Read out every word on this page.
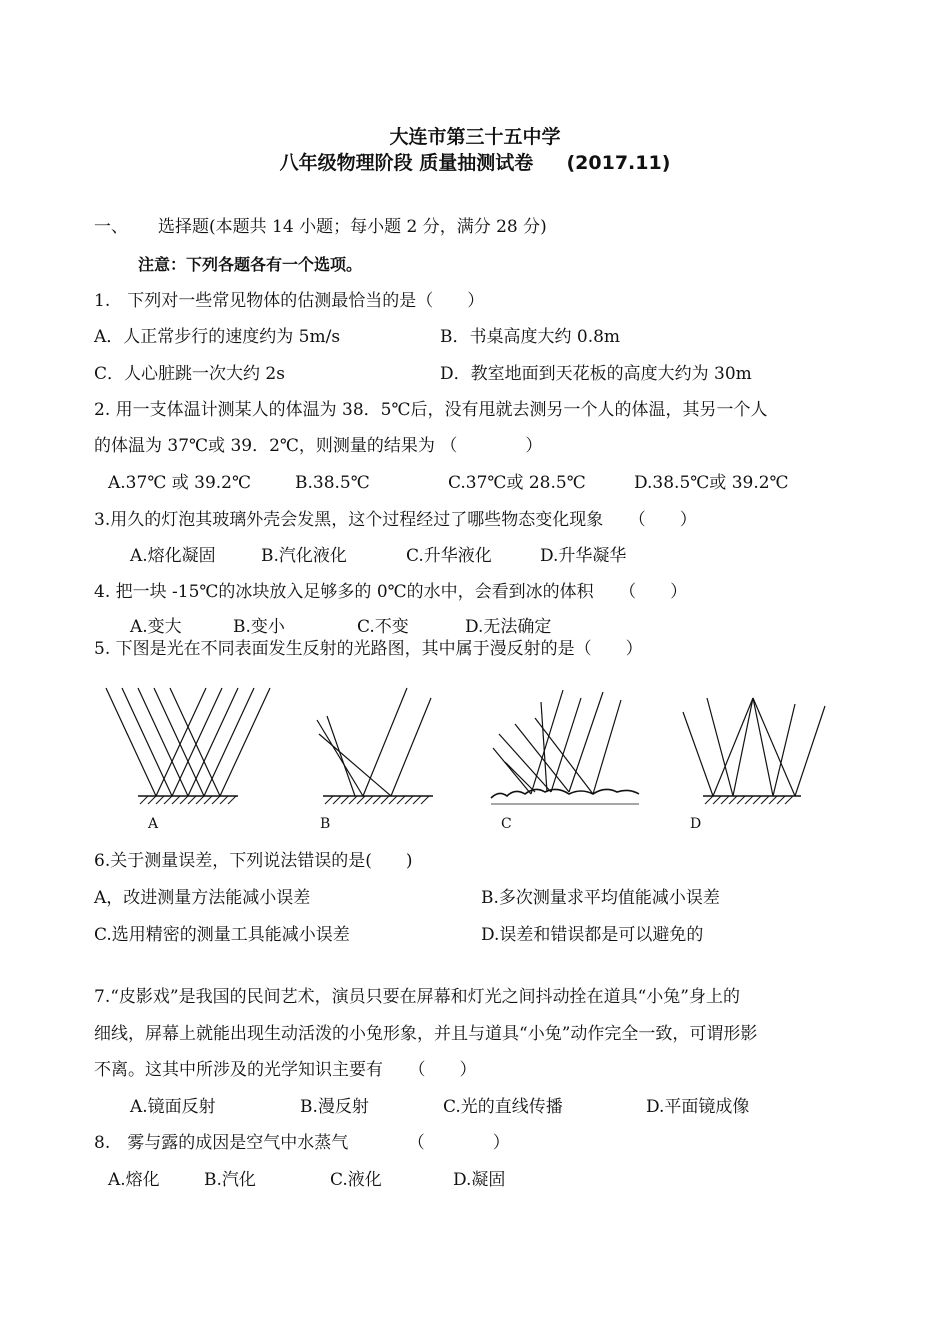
大连市第三十五中学
八年级物理阶段 质量抽测试卷 (2017.11)
一、 选择题(本题共 14 小题；每小题 2 分，满分 28 分)
注意：下列各题各有一个选项。
1.　下列对一些常见物体的估测最恰当的是（　　）
A．人正常步行的速度约为 5m/s	B．书桌高度大约 0.8m
C．人心脏跳一次大约 2s	D．教室地面到天花板的高度大约为 30m
2. 用一支体温计测某人的体温为 38．5℃后，没有甩就去测另一个人的体温，其另一个人
的体温为 37℃或 39．2℃，则测量的结果为 （　　　　）
A.37℃ 或 39.2℃	B.38.5℃	C.37℃或 28.5℃	D.38.5℃或 39.2℃
3.用久的灯泡其玻璃外壳会发黑，这个过程经过了哪些物态变化现象　　（　　）
A.熔化凝固	B.汽化液化	C.升华液化	D.升华凝华
4. 把一块 -15℃的冰块放入足够多的 0℃的水中，会看到冰的体积　　（　　）
A.变大	B.变小	C.不变	D.无法确定
5. 下图是光在不同表面发生反射的光路图，其中属于漫反射的是（　　）
A	B	C	D
6.关于测量误差，下列说法错误的是(　　)
A，改进测量方法能减小误差	B.多次测量求平均值能减小误差
C.选用精密的测量工具能减小误差	D.误差和错误都是可以避免的
7.“皮影戏”是我国的民间艺术，演员只要在屏幕和灯光之间抖动拴在道具“小兔”身上的
细线，屏幕上就能出现生动活泼的小兔形象，并且与道具“小兔”动作完全一致，可谓形影
不离。这其中所涉及的光学知识主要有　　（　　）
A.镜面反射	B.漫反射	C.光的直线传播	D.平面镜成像
8.　雾与露的成因是空气中水蒸气　　　　（　　　　）
A.熔化	B.汽化	C.液化	D.凝固
